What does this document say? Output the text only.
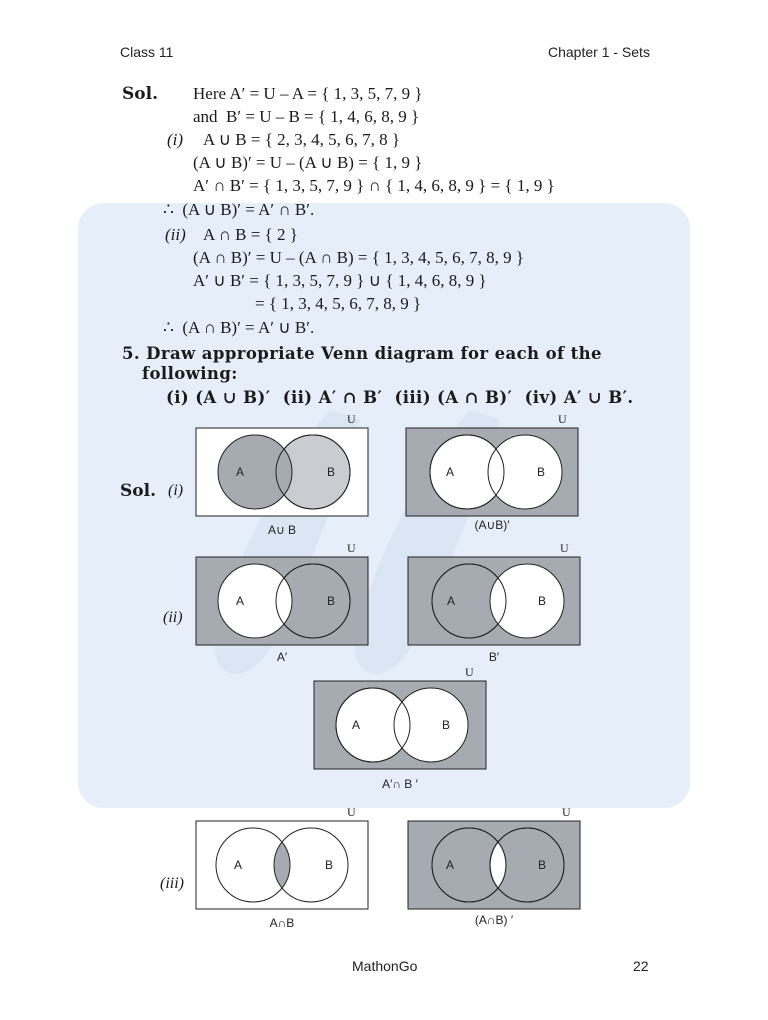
Class 11	Chapter 1 - Sets
Sol. Here A′ = U – A = { 1, 3, 5, 7, 9 }
and  B′ = U – B = { 1, 4, 6, 8, 9 }
(i) A ∪ B = { 2, 3, 4, 5, 6, 7, 8 }
(A ∪ B)′ = U – (A ∪ B) = { 1, 9 }
A′ ∩ B′ = { 1, 3, 5, 7, 9 } ∩ { 1, 4, 6, 8, 9 } = { 1, 9 }
∴  (A ∪ B)′ = A′ ∩ B′.
(ii) A ∩ B = { 2 }
(A ∩ B)′ = U – (A ∩ B) = { 1, 3, 4, 5, 6, 7, 8, 9 }
A′ ∪ B′ = { 1, 3, 5, 7, 9 } ∪ { 1, 4, 6, 8, 9 }
= { 1, 3, 4, 5, 6, 7, 8, 9 }
∴  (A ∩ B)′ = A′ ∪ B′.
5. Draw appropriate Venn diagram for each of the
following:
(i) (A ∪ B)′  (ii) A′ ∩ B′  (iii) (A ∩ B)′  (iv) A′ ∪ B′.
Sol. (i)
(ii)
(iii)
A	B	A	B
A	B	A	B
A	B
A	B	A	B
U	U
U	U
U
U	U
A∪ B	(A∪B)′
A′	B′
A′∩ B ′
A∩B	(A∩B) ′
MathonGo	22
